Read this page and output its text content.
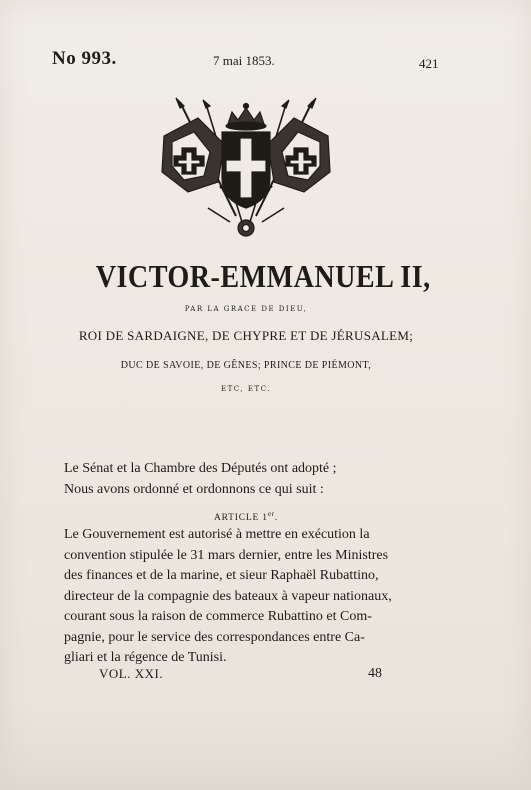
No 993.	7 mai 1853.	421
VICTOR-EMMANUEL II,
PAR LA GRACE DE DIEU,
ROI DE SARDAIGNE, DE CHYPRE ET DE JÉRUSALEM;
DUC DE SAVOIE, DE GÊNES; PRINCE DE PIÉMONT,
ETC, ETC.
Le Sénat et la Chambre des Députés ont adopté ;
Nous avons ordonné et ordonnons ce qui suit :
ARTICLE 1er.
Le Gouvernement est autorisé à mettre en exécution la
convention stipulée le 31 mars dernier, entre les Ministres
des finances et de la marine, et sieur Raphaël Rubattino,
directeur de la compagnie des bateaux à vapeur nationaux,
courant sous la raison de commerce Rubattino et Com-
pagnie, pour le service des correspondances entre Ca-
gliari et la régence de Tunisi.
VOL. XXI.	48
